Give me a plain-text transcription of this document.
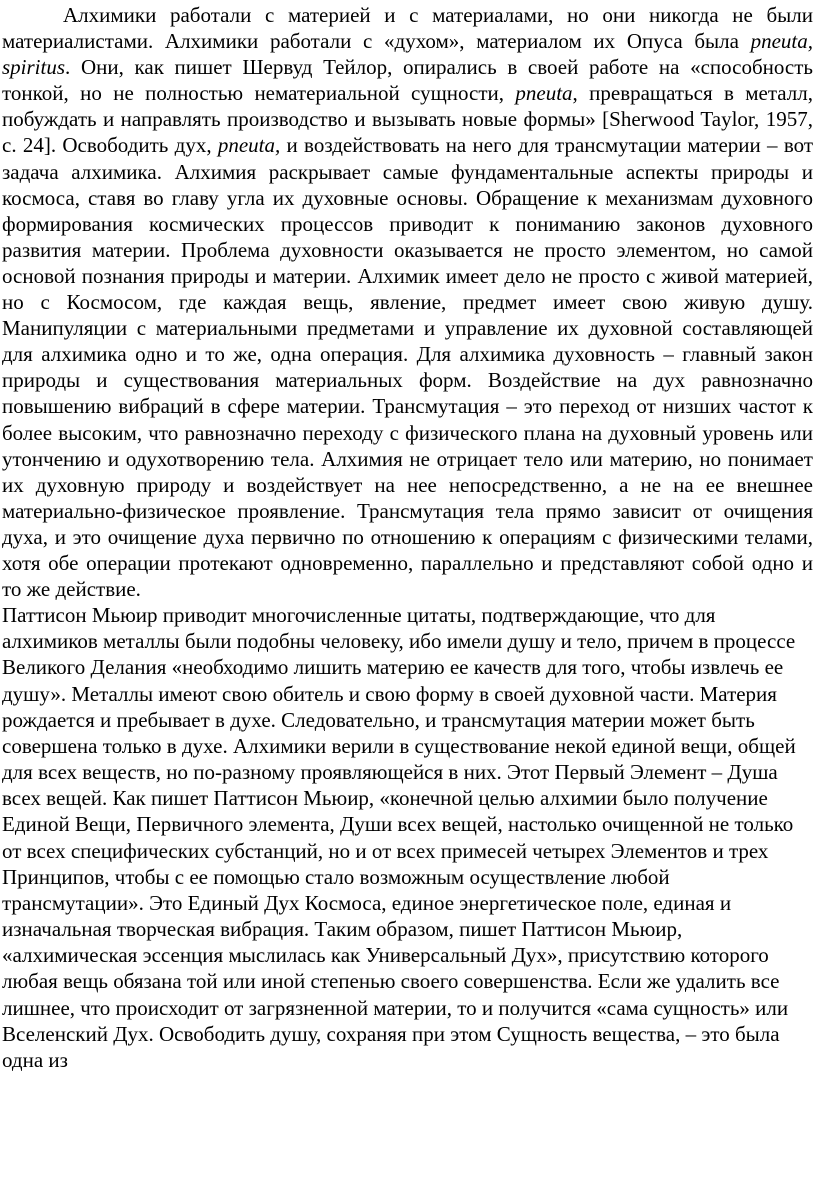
Алхимики работали с материей и с материалами, но они никогда не были материалистами. Алхимики работали с «духом», материалом их Опуса была pneuta, spiritus. Они, как пишет Шервуд Тейлор, опирались в своей работе на «способность тонкой, но не полностью нематериальной сущности, pneuta, превращаться в металл, побуждать и направлять производство и вызывать новые формы» [Sherwood Taylor, 1957, с. 24]. Освободить дух, pneuta, и воздействовать на него для трансмутации материи – вот задача алхимика. Алхимия раскрывает самые фундаментальные аспекты природы и космоса, ставя во главу угла их духовные основы. Обращение к механизмам духовного формирования космических процессов приводит к пониманию законов духовного развития материи. Проблема духовности оказывается не просто элементом, но самой основой познания природы и материи. Алхимик имеет дело не просто с живой материей, но с Космосом, где каждая вещь, явление, предмет имеет свою живую душу. Манипуляции с материальными предметами и управление их духовной составляющей для алхимика одно и то же, одна операция. Для алхимика духовность – главный закон природы и существования материальных форм. Воздействие на дух равнозначно повышению вибраций в сфере материи. Трансмутация – это переход от низших частот к более высоким, что равнозначно переходу с физического плана на духовный уровень или утончению и одухотворению тела. Алхимия не отрицает тело или материю, но понимает их духовную природу и воздействует на нее непосредственно, а не на ее внешнее материально-физическое проявление. Трансмутация тела прямо зависит от очищения духа, и это очищение духа первично по отношению к операциям с физическими телами, хотя обе операции протекают одновременно, параллельно и представляют собой одно и то же действие.

Паттисон Мьюир приводит многочисленные цитаты, подтверждающие, что для алхимиков металлы были подобны человеку, ибо имели душу и тело, причем в процессе Великого Делания «необходимо лишить материю ее качеств для того, чтобы извлечь ее душу». Металлы имеют свою обитель и свою форму в своей духовной части. Материя рождается и пребывает в духе. Следовательно, и трансмутация материи может быть совершена только в духе. Алхимики верили в существование некой единой вещи, общей для всех веществ, но по-разному проявляющейся в них. Этот Первый Элемент – Душа всех вещей. Как пишет Паттисон Мьюир, «конечной целью алхимии было получение Единой Вещи, Первичного элемента, Души всех вещей, настолько очищенной не только от всех специфических субстанций, но и от всех примесей четырех Элементов и трех Принципов, чтобы с ее помощью стало возможным осуществление любой трансмутации». Это Единый Дух Космоса, единое энергетическое поле, единая и изначальная творческая вибрация. Таким образом, пишет Паттисон Мьюир, «алхимическая эссенция мыслилась как Универсальный Дух», присутствию которого любая вещь обязана той или иной степенью своего совершенства. Если же удалить все лишнее, что происходит от загрязненной материи, то и получится «сама сущность» или Вселенский Дух. Освободить душу, сохраняя при этом Сущность вещества, – это была одна из
